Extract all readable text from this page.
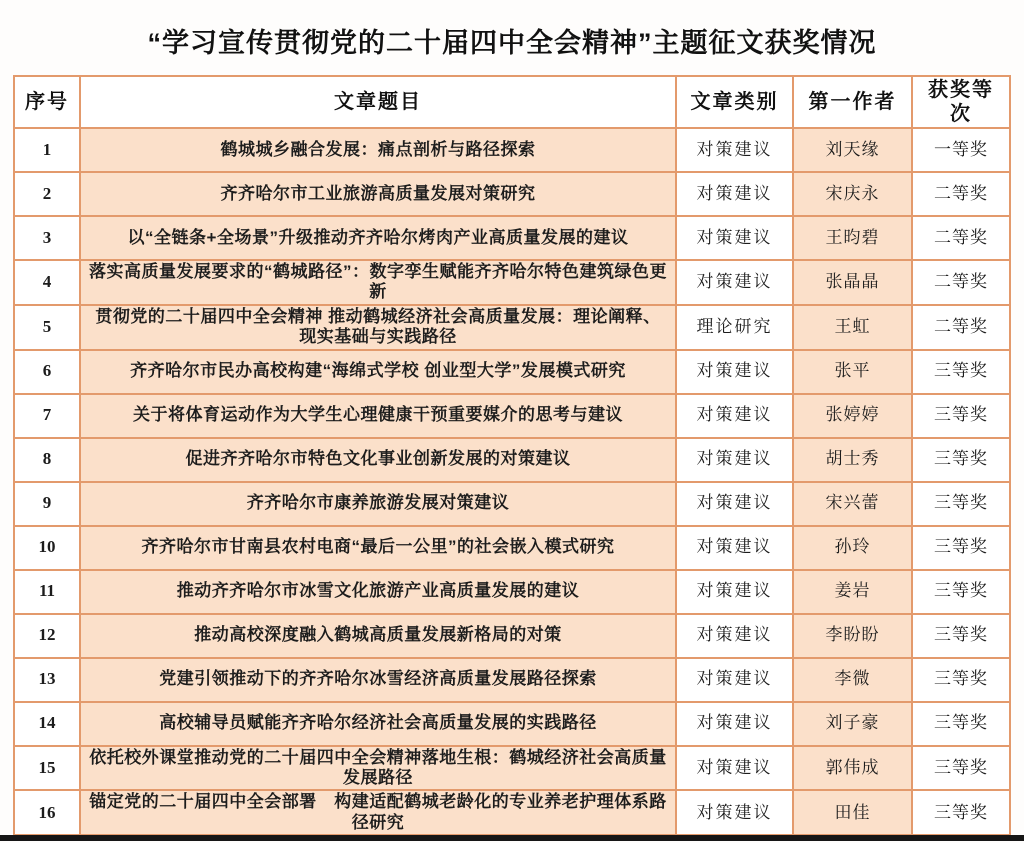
“学习宣传贯彻党的二十届四中全会精神”主题征文获奖情况
序号	文章题目	文章类别	第一作者	获奖等次
1	鹤城城乡融合发展：痛点剖析与路径探索	对策建议	刘天缘	一等奖
2	齐齐哈尔市工业旅游高质量发展对策研究	对策建议	宋庆永	二等奖
3	以“全链条+全场景”升级推动齐齐哈尔烤肉产业高质量发展的建议	对策建议	王昀碧	二等奖
4	落实高质量发展要求的“鹤城路径”：数字孪生赋能齐齐哈尔特色建筑绿色更新	对策建议	张晶晶	二等奖
5	贯彻党的二十届四中全会精神 推动鹤城经济社会高质量发展：理论阐释、现实基础与实践路径	理论研究	王虹	二等奖
6	齐齐哈尔市民办高校构建“海绵式学校 创业型大学”发展模式研究	对策建议	张平	三等奖
7	关于将体育运动作为大学生心理健康干预重要媒介的思考与建议	对策建议	张婷婷	三等奖
8	促进齐齐哈尔市特色文化事业创新发展的对策建议	对策建议	胡士秀	三等奖
9	齐齐哈尔市康养旅游发展对策建议	对策建议	宋兴蕾	三等奖
10	齐齐哈尔市甘南县农村电商“最后一公里”的社会嵌入模式研究	对策建议	孙玲	三等奖
11	推动齐齐哈尔市冰雪文化旅游产业高质量发展的建议	对策建议	姜岩	三等奖
12	推动高校深度融入鹤城高质量发展新格局的对策	对策建议	李盼盼	三等奖
13	党建引领推动下的齐齐哈尔冰雪经济高质量发展路径探索	对策建议	李微	三等奖
14	高校辅导员赋能齐齐哈尔经济社会高质量发展的实践路径	对策建议	刘子豪	三等奖
15	依托校外课堂推动党的二十届四中全会精神落地生根：鹤城经济社会高质量发展路径	对策建议	郭伟成	三等奖
16	锚定党的二十届四中全会部署　构建适配鹤城老龄化的专业养老护理体系路径研究	对策建议	田佳	三等奖
